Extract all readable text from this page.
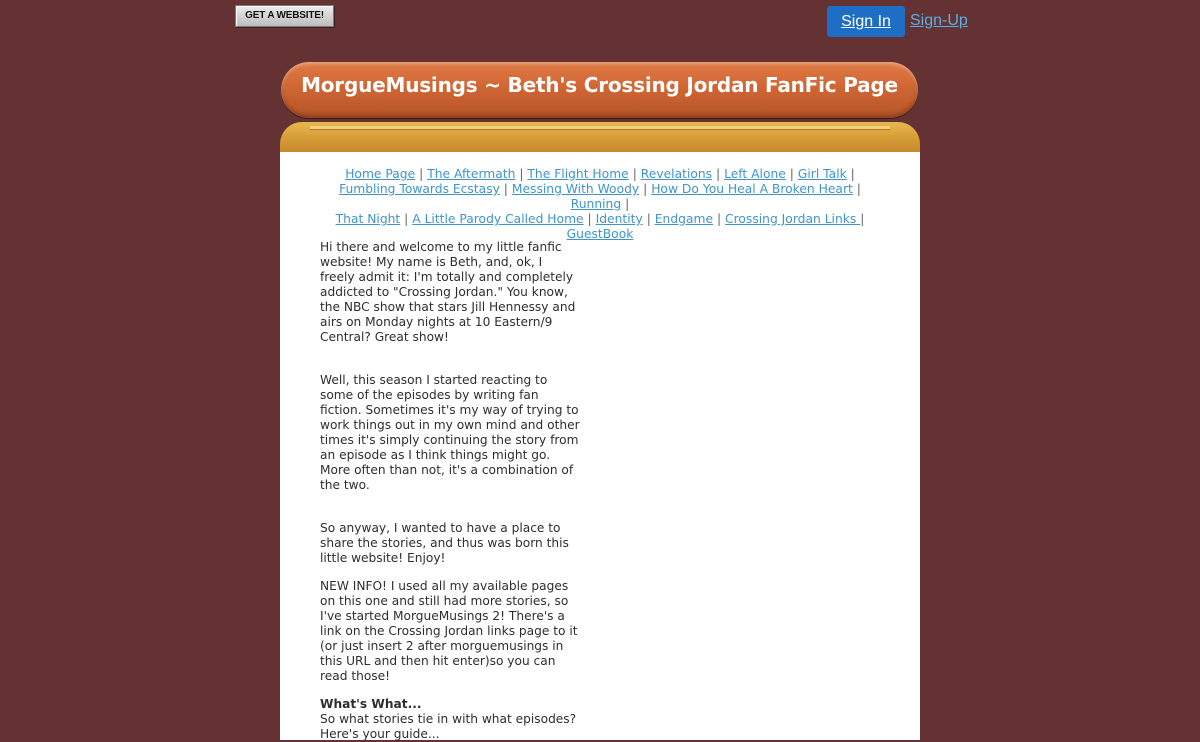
GET A WEBSITE!	Sign In	Sign-Up
MorgueMusings ~ Beth's Crossing Jordan FanFic Page
Home Page | The Aftermath | The Flight Home | Revelations | Left Alone | Girl Talk |
Fumbling Towards Ecstasy | Messing With Woody | How Do You Heal A Broken Heart | Running |
That Night | A Little Parody Called Home | Identity | Endgame | Crossing Jordan Links |
GuestBook

Hi there and welcome to my little fanfic website! My name is Beth, and, ok, I freely admit it: I'm totally and completely addicted to "Crossing Jordan." You know, the NBC show that stars Jill Hennessy and airs on Monday nights at 10 Eastern/9 Central? Great show!

Well, this season I started reacting to some of the episodes by writing fan fiction. Sometimes it's my way of trying to work things out in my own mind and other times it's simply continuing the story from an episode as I think things might go. More often than not, it's a combination of the two.

So anyway, I wanted to have a place to share the stories, and thus was born this little website! Enjoy!

NEW INFO! I used all my available pages on this one and still had more stories, so I've started MorgueMusings 2! There's a link on the Crossing Jordan links page to it (or just insert 2 after morguemusings in this URL and then hit enter)so you can read those!

What's What...

So what stories tie in with what episodes? Here's your guide...
